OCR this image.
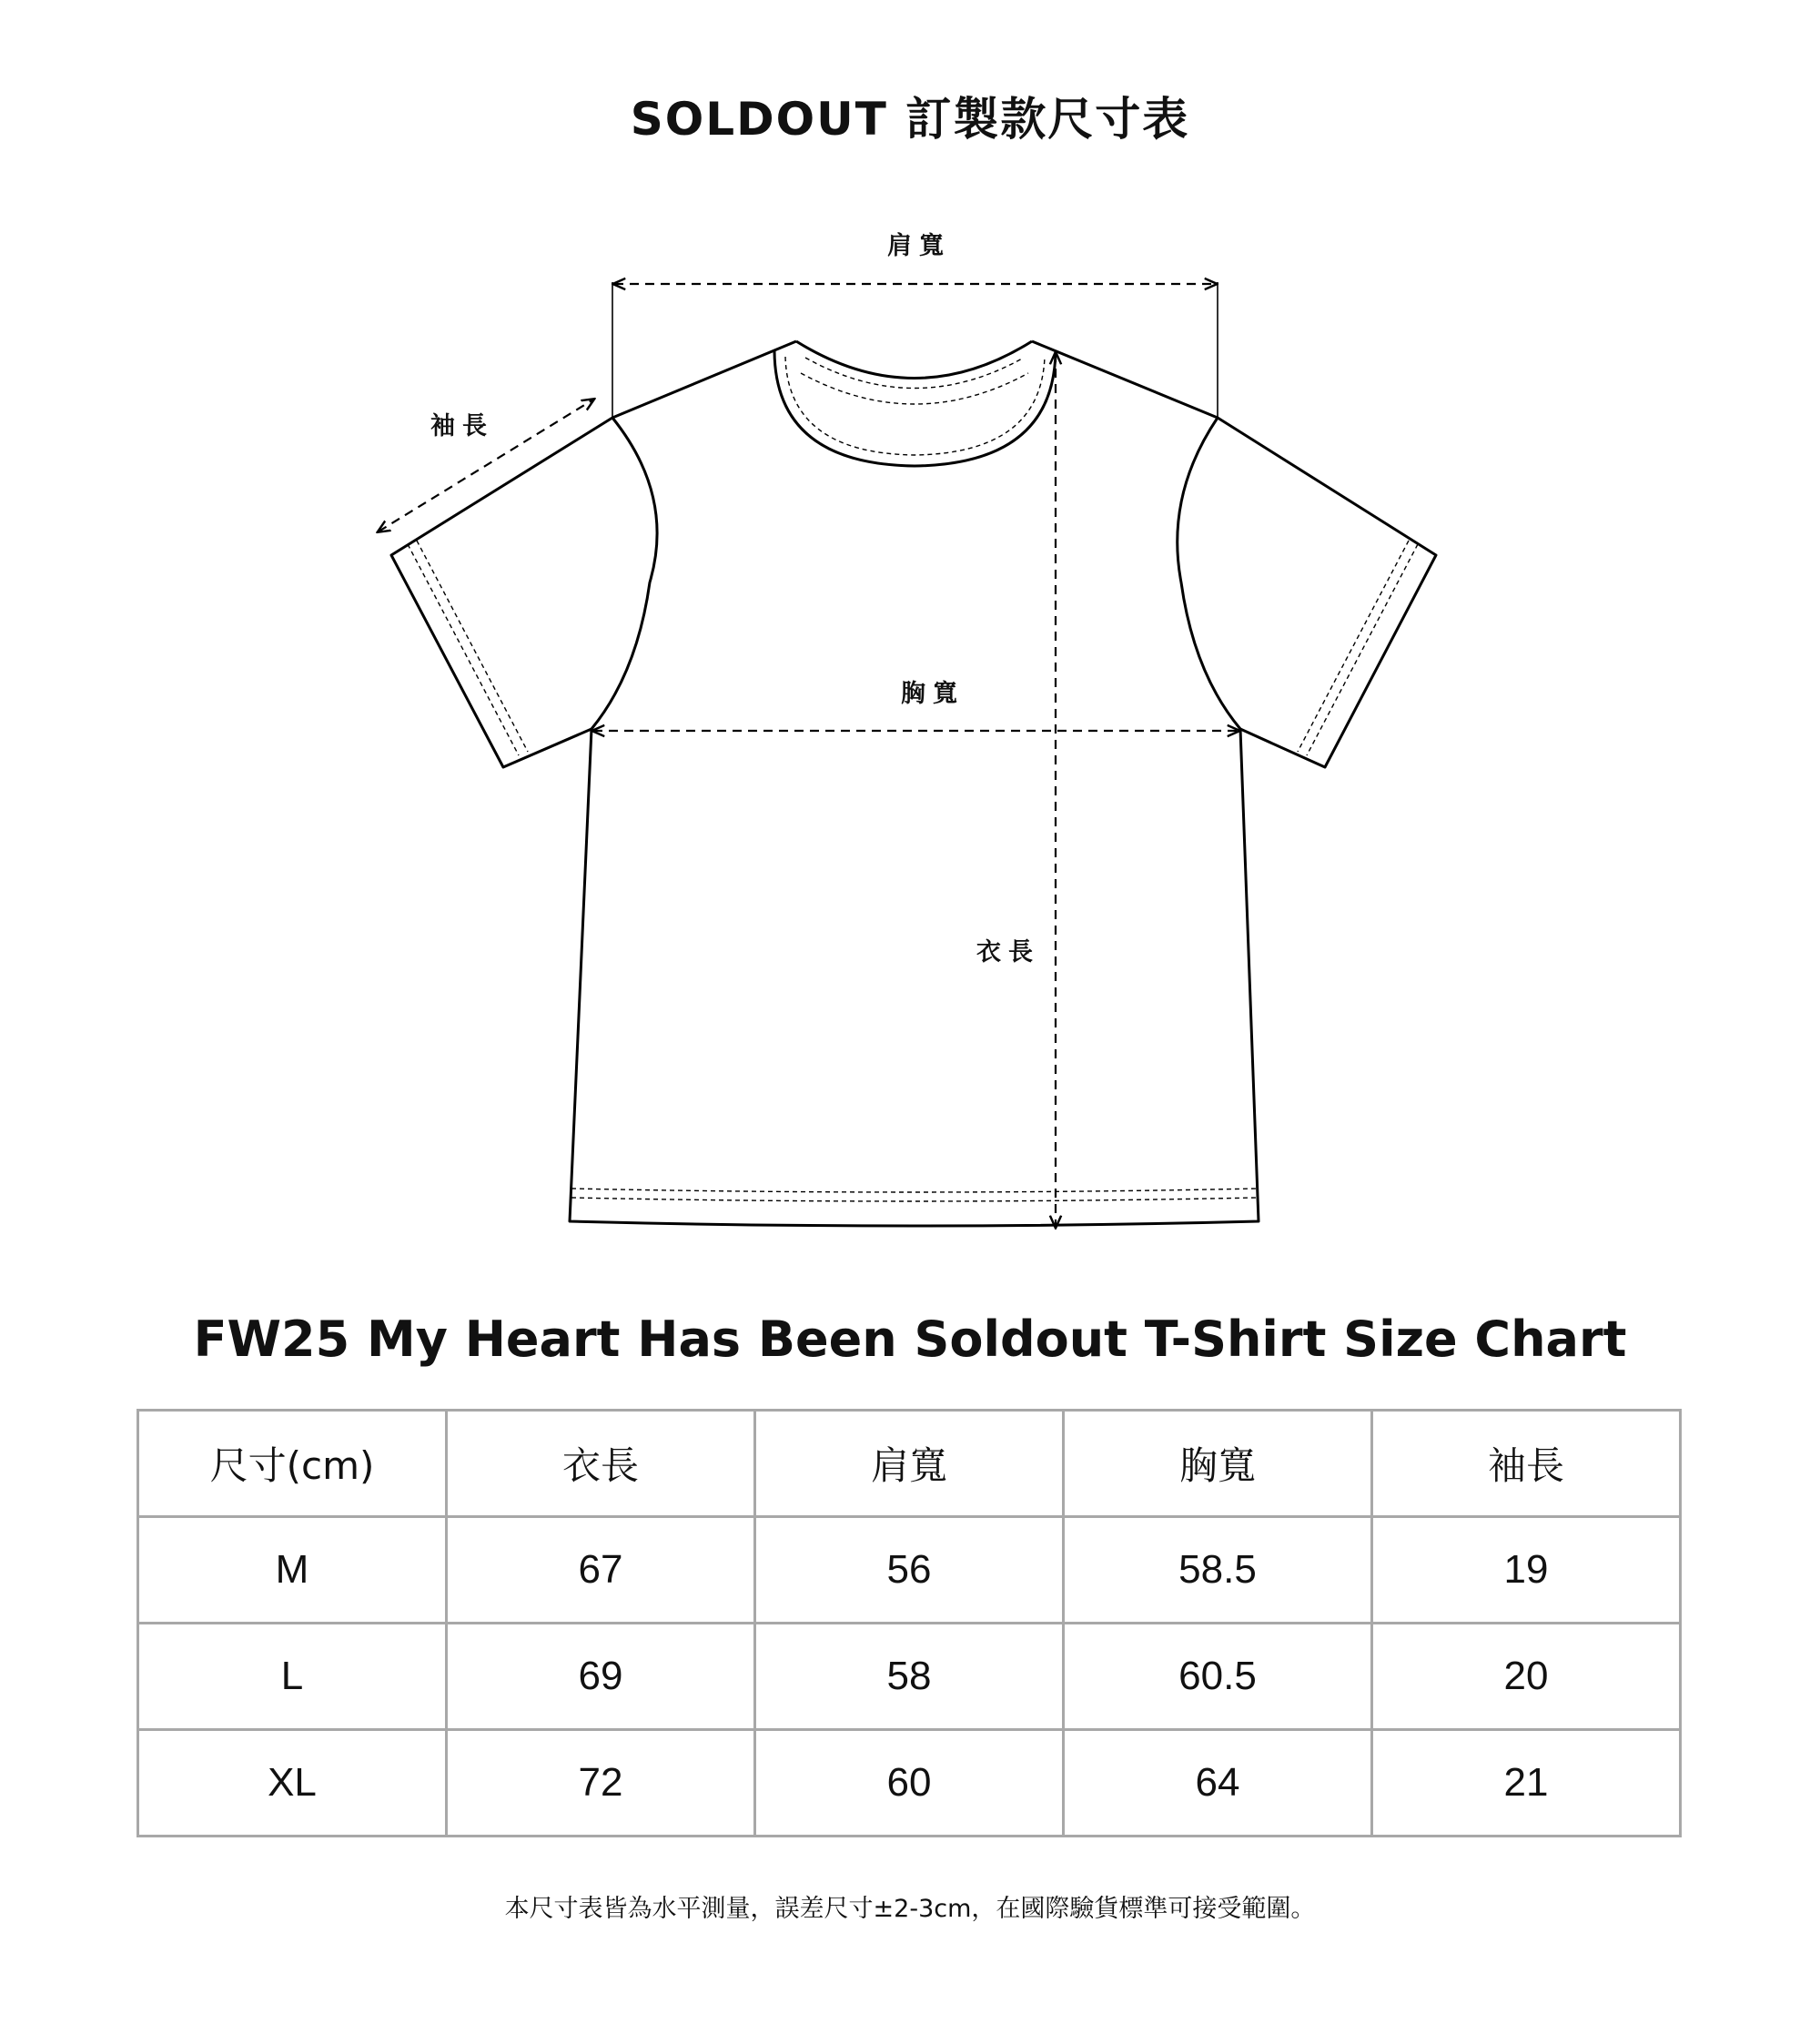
SOLDOUT 訂製款尺寸表
肩寬
袖長
胸寬
衣長
FW25 My Heart Has Been Soldout T-Shirt Size Chart
尺寸(cm)	衣長	肩寬	胸寬	袖長
M	67	56	58.5	19
L	69	58	60.5	20
XL	72	60	64	21
本尺寸表皆為水平測量，誤差尺寸±2-3cm，在國際驗貨標準可接受範圍。
